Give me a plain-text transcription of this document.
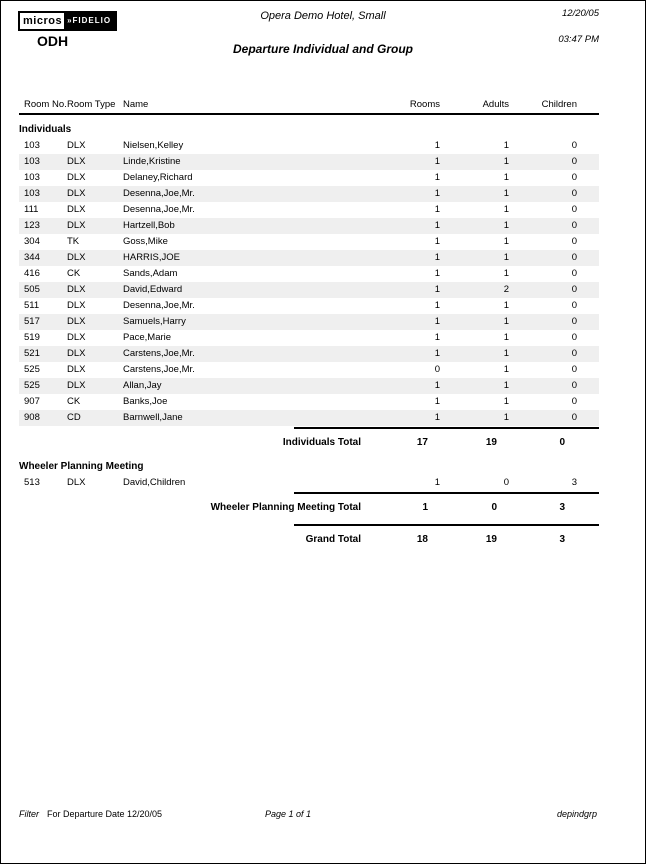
micros »FIDELIO
ODH
Opera Demo Hotel, Small
Departure Individual and Group
12/20/05
03:47 PM
Room No. Room Type Name	Rooms	Adults	Children
Individuals
103	DLX	Nielsen,Kelley	1	1	0
103	DLX	Linde,Kristine	1	1	0
103	DLX	Delaney,Richard	1	1	0
103	DLX	Desenna,Joe,Mr.	1	1	0
111	DLX	Desenna,Joe,Mr.	1	1	0
123	DLX	Hartzell,Bob	1	1	0
304	TK	Goss,Mike	1	1	0
344	DLX	HARRIS,JOE	1	1	0
416	CK	Sands,Adam	1	1	0
505	DLX	David,Edward	1	2	0
511	DLX	Desenna,Joe,Mr.	1	1	0
517	DLX	Samuels,Harry	1	1	0
519	DLX	Pace,Marie	1	1	0
521	DLX	Carstens,Joe,Mr.	1	1	0
525	DLX	Carstens,Joe,Mr.	0	1	0
525	DLX	Allan,Jay	1	1	0
907	CK	Banks,Joe	1	1	0
908	CD	Barnwell,Jane	1	1	0
Individuals Total	17	19	0
Wheeler Planning Meeting
513	DLX	David,Children	1	0	3
Wheeler Planning Meeting Total	1	0	3
Grand Total	18	19	3
Filter For Departure Date 12/20/05	Page 1 of 1	depindgrp
